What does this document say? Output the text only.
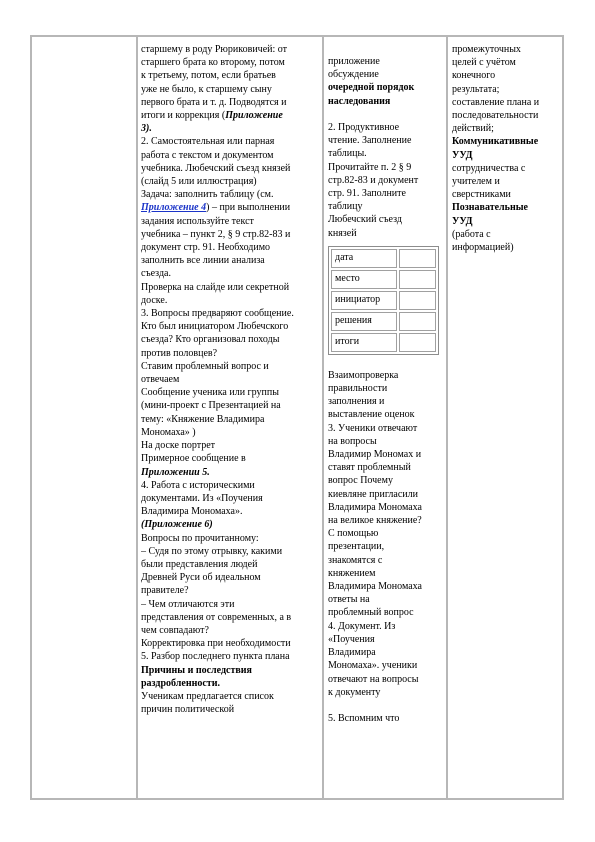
старшему в роду Рюриковичей: от

старшего брата ко второму, потом

к третьему, потом, если братьев

уже не было, к старшему сыну

первого брата и т. д. Подводятся и

итоги и коррекция (Приложение

3).

2. Самостоятельная или парная

работа с текстом и документом

учебника. Любечский съезд князей

(слайд 5 или иллюстрация)

Задача: заполнить таблицу (см.

Приложение 4) – при выполнении

задания используйте текст

учебника – пункт 2, § 9 стр.82-83 и

документ стр. 91. Необходимо

заполнить все линии анализа

съезда.

Проверка на слайде или секретной

доске.

3. Вопросы предваряют сообщение.

Кто был инициатором Любечского

съезда? Кто организовал походы

против половцев?

Ставим проблемный вопрос и

отвечаем

Сообщение ученика или группы

(мини-проект с Презентацией на

тему: «Княжение Владимира

Мономаха» )

На доске портрет

Примерное сообщение в

Приложении 5.

4. Работа с историческими

документами. Из «Поучения

Владимира Мономаха».

(Приложение 6)

Вопросы по прочитанному:

– Судя по этому отрывку, какими

были представления людей

Древней Руси об идеальном

правителе?

– Чем отличаются эти

представления от современных, а в

чем совпадают?

Корректировка при необходимости

5. Разбор последнего пункта плана

Причины и последствия

раздробленности.

Ученикам предлагается список

причин политической

приложение

обсуждение

очередной порядок

наследования

2. Продуктивное

чтение. Заполнение

таблицы.

Прочитайте п. 2 § 9

стр.82-83 и документ

стр. 91. Заполните

таблицу

Любечский съезд

князей

дата	
место	
инициатор	
решения	
итоги	

Взаимопроверка

правильности

заполнения и

выставление оценок

3. Ученики отвечают

на вопросы

Владимир Мономах и

ставят проблемный

вопрос Почему

киевляне пригласили

Владимира Мономаха

на великое княжение?

С помощью

презентации,

знакомятся с

княжением

Владимира Мономаха

ответы на

проблемный вопрос

4. Документ. Из

«Поучения

Владимира

Мономаха». ученики

отвечают на вопросы

к документу

5. Вспомним что

промежуточных

целей с учётом

конечного

результата;

составление плана и

последовательности

действий;

Коммуникативные

УУД

сотрудничества с

учителем и

сверстниками

Познавательные

УУД

(работа с

информацией)
